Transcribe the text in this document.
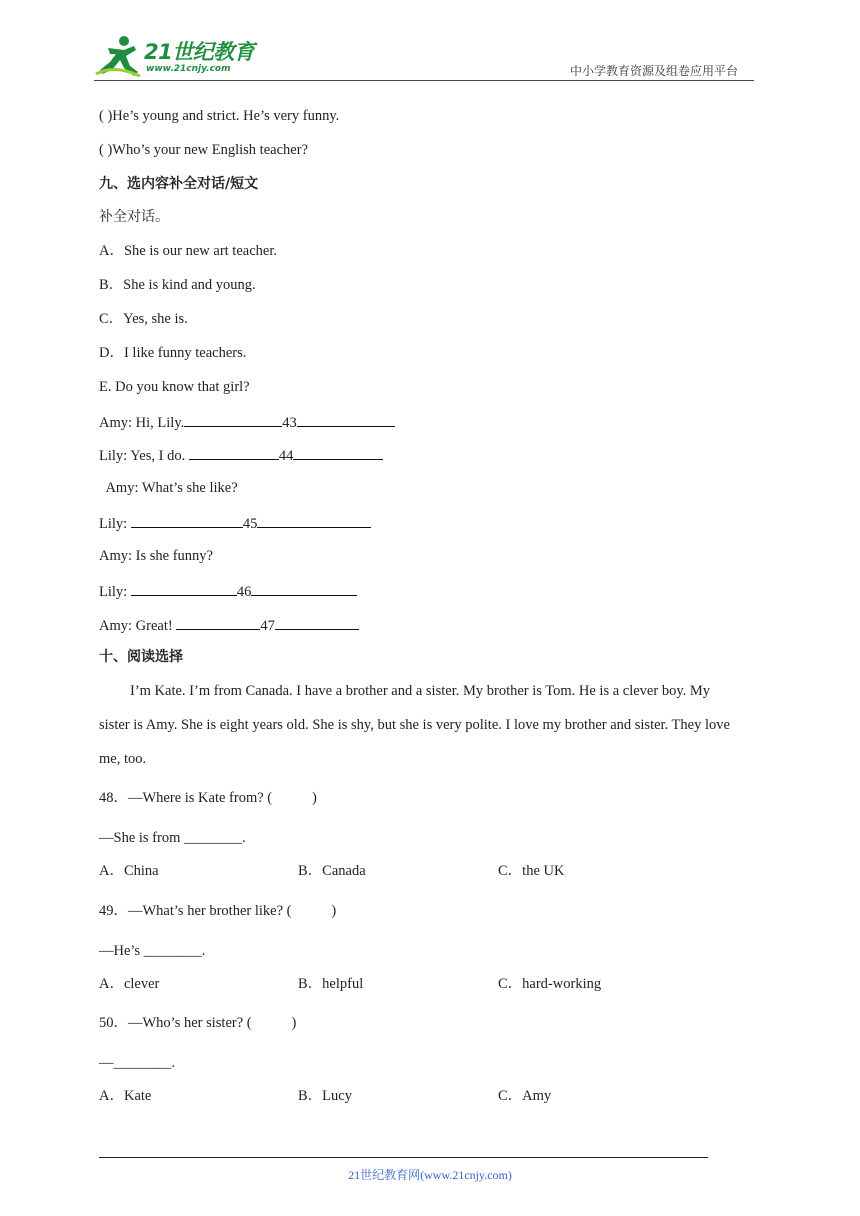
21世纪教育
www.21cnjy.com	中小学教育资源及组卷应用平台
( )He’s young and strict. He’s very funny.
( )Who’s your new English teacher?
九、选内容补全对话/短文
补全对话。
A．She is our new art teacher.
B．She is kind and young.
C．Yes, she is.
D．I like funny teachers.
E. Do you know that girl?
Amy: Hi, Lily.	43
Lily: Yes, I do.	44
Amy: What’s she like?
Lily:	45
Amy: Is she funny?
Lily:	46
Amy: Great!	47
十、阅读选择
I’m Kate. I’m from Canada. I have a brother and a sister. My brother is Tom. He is a clever boy. My
sister is Amy. She is eight years old. She is shy, but she is very polite. I love my brother and sister. They love
me, too.
48．—Where is Kate from? (           )
—She is from ________.
A．China	B．Canada	C．the UK
49．—What’s her brother like? (           )
—He’s ________.
A．clever	B．helpful	C．hard-working
50．—Who’s her sister? (           )
—________.
A．Kate	B．Lucy	C．Amy
21世纪教育网(www.21cnjy.com)
